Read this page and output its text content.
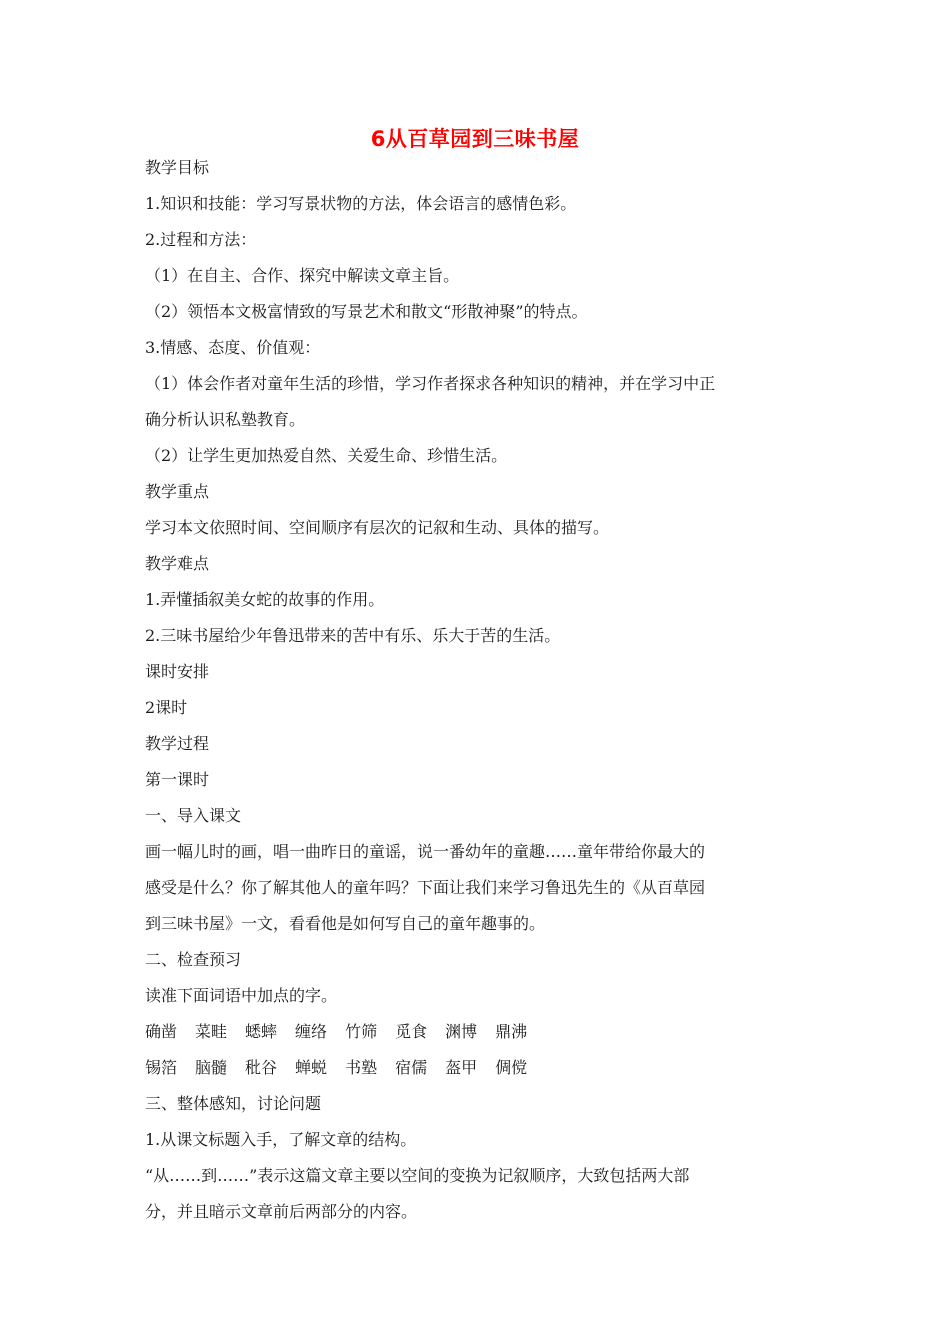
6从百草园到三味书屋
教学目标
1.知识和技能：学习写景状物的方法，体会语言的感情色彩。
2.过程和方法：
（1）在自主、合作、探究中解读文章主旨。
（2）领悟本文极富情致的写景艺术和散文“形散神聚”的特点。
3.情感、态度、价值观：
（1）体会作者对童年生活的珍惜，学习作者探求各种知识的精神，并在学习中正
确分析认识私塾教育。
（2）让学生更加热爱自然、关爱生命、珍惜生活。
教学重点
学习本文依照时间、空间顺序有层次的记叙和生动、具体的描写。
教学难点
1.弄懂插叙美女蛇的故事的作用。
2.三味书屋给少年鲁迅带来的苦中有乐、乐大于苦的生活。
课时安排
2课时
教学过程
第一课时
一、导入课文
画一幅儿时的画，唱一曲昨日的童谣，说一番幼年的童趣……童年带给你最大的
感受是什么？你了解其他人的童年吗？下面让我们来学习鲁迅先生的《从百草园
到三味书屋》一文，看看他是如何写自己的童年趣事的。
二、检查预习
读准下面词语中加点的字。
确凿 菜畦 蟋蟀 缠络 竹筛 觅食 渊博 鼎沸
锡箔 脑髓 秕谷 蝉蜕 书塾 宿儒 盔甲 倜傥
三、整体感知，讨论问题
1.从课文标题入手，了解文章的结构。
“从……到……”表示这篇文章主要以空间的变换为记叙顺序，大致包括两大部
分，并且暗示文章前后两部分的内容。
